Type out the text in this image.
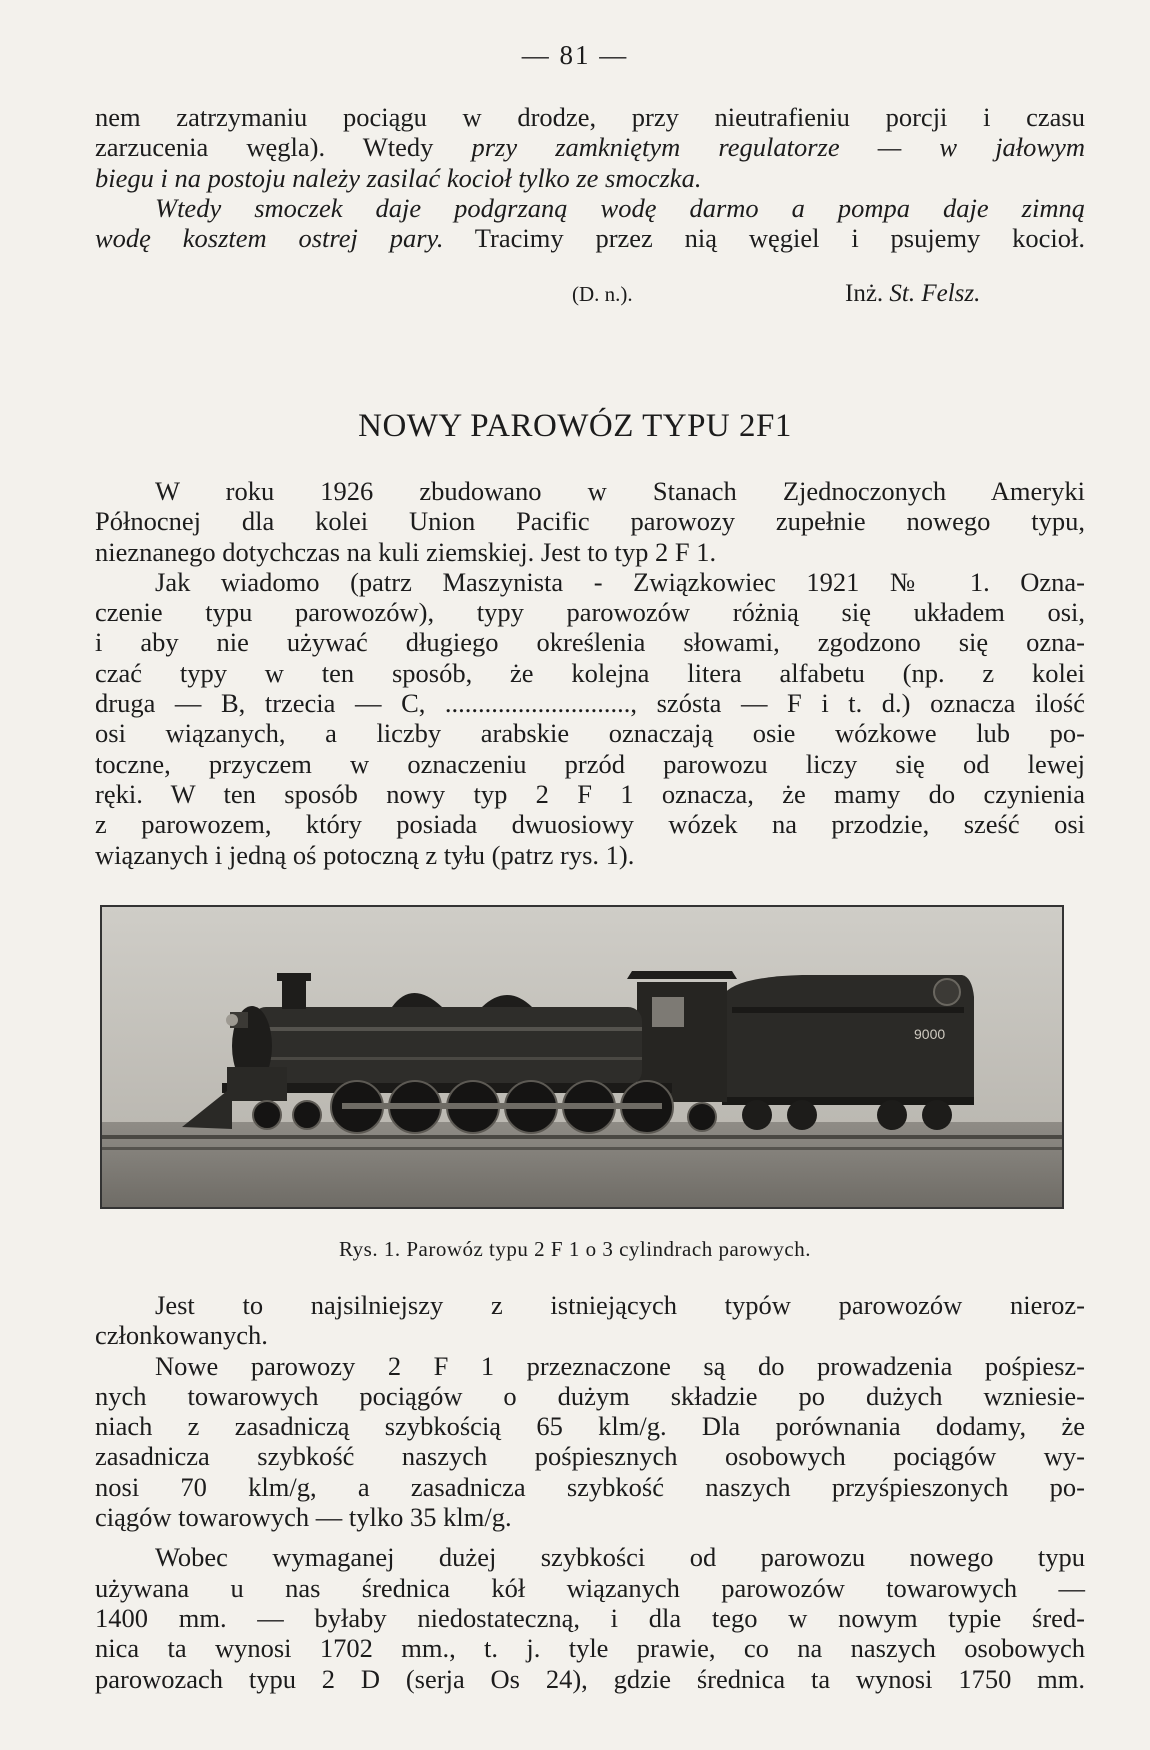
— 81 —
nem zatrzymaniu pociągu w drodze, przy nieutrafieniu porcji i czasu
zarzucenia węgla). Wtedy przy zamkniętym regulatorze — w jałowym
biegu i na postoju należy zasilać kocioł tylko ze smoczka.
Wtedy smoczek daje podgrzaną wodę darmo a pompa daje zimną
wodę kosztem ostrej pary. Tracimy przez nią węgiel i psujemy kocioł.
(D. n.).	Inż. St. Felsz.
NOWY PAROWÓZ TYPU 2F1
W roku 1926 zbudowano w Stanach Zjednoczonych Ameryki
Północnej dla kolei Union Pacific parowozy zupełnie nowego typu,
nieznanego dotychczas na kuli ziemskiej. Jest to typ 2 F 1.
Jak wiadomo (patrz Maszynista - Związkowiec 1921 № 1. Ozna-
czenie typu parowozów), typy parowozów różnią się układem osi,
i aby nie używać długiego określenia słowami, zgodzono się ozna-
czać typy w ten sposób, że kolejna litera alfabetu (np. z kolei
druga — B, trzecia — C, ............................, szósta — F i t. d.) oznacza ilość
osi wiązanych, a liczby arabskie oznaczają osie wózkowe lub po-
toczne, przyczem w oznaczeniu przód parowozu liczy się od lewej
ręki. W ten sposób nowy typ 2 F 1 oznacza, że mamy do czynienia
z parowozem, który posiada dwuosiowy wózek na przodzie, sześć osi
wiązanych i jedną oś potoczną z tyłu (patrz rys. 1).
9000
Rys. 1. Parowóz typu 2 F 1 o 3 cylindrach parowych.
Jest to najsilniejszy z istniejących typów parowozów nieroz-
członkowanych.
Nowe parowozy 2 F 1 przeznaczone są do prowadzenia pośpiesz-
nych towarowych pociągów o dużym składzie po dużych wzniesie-
niach z zasadniczą szybkością 65 klm/g. Dla porównania dodamy, że
zasadnicza szybkość naszych pośpiesznych osobowych pociągów wy-
nosi 70 klm/g, a zasadnicza szybkość naszych przyśpieszonych po-
ciągów towarowych — tylko 35 klm/g.
Wobec wymaganej dużej szybkości od parowozu nowego typu
używana u nas średnica kół wiązanych parowozów towarowych —
1400 mm. — byłaby niedostateczną, i dla tego w nowym typie śred-
nica ta wynosi 1702 mm., t. j. tyle prawie, co na naszych osobowych
parowozach typu 2 D (serja Os 24), gdzie średnica ta wynosi 1750 mm.
